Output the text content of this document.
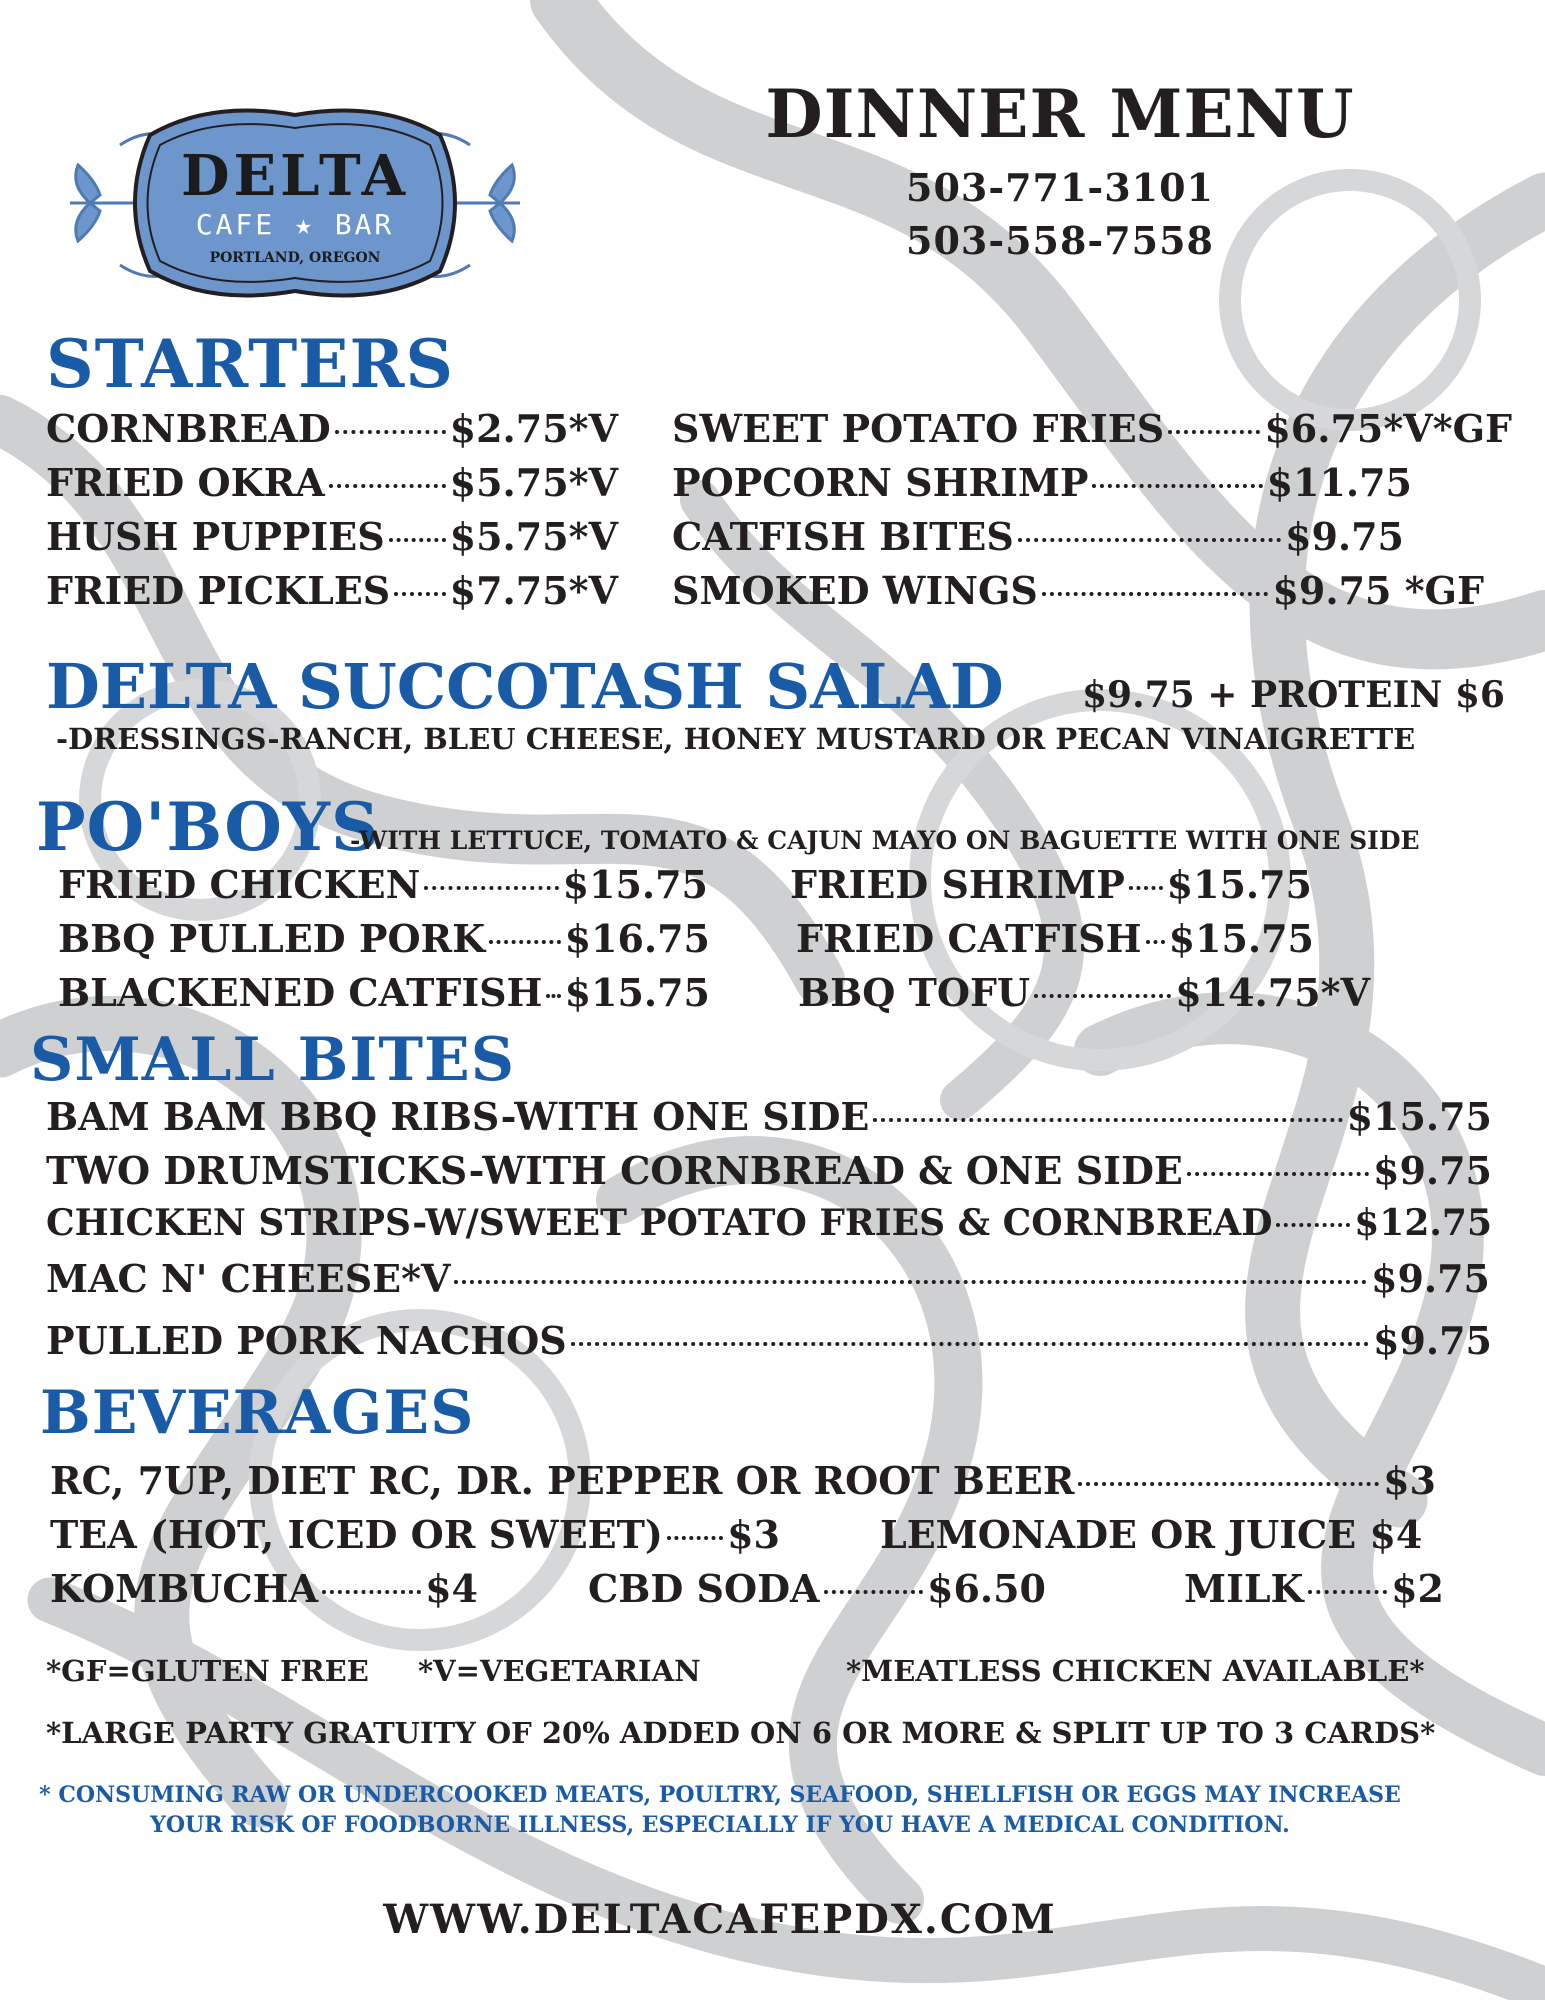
DELTA
CAFE ★ BAR
PORTLAND, OREGON
DINNER MENU
503-771-3101
503-558-7558
STARTERS
CORNBREAD	$2.75*V
FRIED OKRA	$5.75*V
HUSH PUPPIES $5.75*V
FRIED PICKLES $7.75*V
SWEET POTATO FRIES	$6.75*V*GF
POPCORN SHRIMP	$11.75
CATFISH BITES	$9.75
SMOKED WINGS	$9.75 *GF
DELTA SUCCOTASH SALAD $9.75 + PROTEIN $6
-DRESSINGS-RANCH, BLEU CHEESE, HONEY MUSTARD OR PECAN VINAIGRETTE
PO'BOYS
-WITH LETTUCE, TOMATO & CAJUN MAYO ON BAGUETTE WITH ONE SIDE
FRIED CHICKEN	$15.75
BBQ PULLED PORK $16.75
BLACKENED CATFISH $15.75
FRIED SHRIMP $15.75
FRIED CATFISH $15.75
BBQ TOFU	$14.75*V
SMALL BITES
BAM BAM BBQ RIBS-WITH ONE SIDE	$15.75
TWO DRUMSTICKS-WITH CORNBREAD & ONE SIDE	$9.75
CHICKEN STRIPS-W/SWEET POTATO FRIES & CORNBREAD $12.75
MAC N' CHEESE*V	$9.75
PULLED PORK NACHOS	$9.75
BEVERAGES
RC, 7UP, DIET RC, DR. PEPPER OR ROOT BEER	$3
TEA (HOT, ICED OR SWEET) $3	LEMONADE OR JUICE $4
KOMBUCHA	$4	CBD SODA	$6.50	MILK $2
*GF=GLUTEN FREE *V=VEGETARIAN	*MEATLESS CHICKEN AVAILABLE*
*LARGE PARTY GRATUITY OF 20% ADDED ON 6 OR MORE & SPLIT UP TO 3 CARDS*
* CONSUMING RAW OR UNDERCOOKED MEATS, POULTRY, SEAFOOD, SHELLFISH OR EGGS MAY INCREASE
YOUR RISK OF FOODBORNE ILLNESS, ESPECIALLY IF YOU HAVE A MEDICAL CONDITION.
WWW.DELTACAFEPDX.COM
